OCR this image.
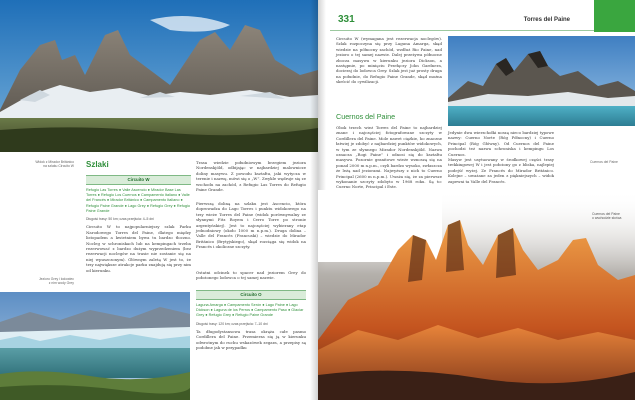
Widok z Mirador Británico
na szlaku Circuito W
Jezioro Grey i lodowiec
z nim wody Grey
Szlaki
Circuito W
Refugio Las Torres ● Valle Ascencio ● Mirador Base Las Torres ● Refugio Los Cuernos ● Campamento Italiano ● Valle del Francés ● Mirador Británico ● Campamento Italiano ● Refugio Paine Grande ● Lago Grey ● Refugio Grey ● Refugio Paine Grande
Długość trasy: 50 km; czas przejścia: 4–5 dni
Circuito W to najpopularniejszy szlak Parku Narodowego Torres del Paine, dlatego między listopadem a kwietniem bywa tu bardzo tłoczno. Nocleg w schroniskach lub na kempingach trzeba rezerwować z bardzo dużym wyprzedzeniem (bez rezerwacji noclegów na trasie nie zostanie się na niej wpuszczonym). Głównym zaletą W jest to, że trzy największe atrakcje parku znajdują się przy nim od kierunku.
Trasa wiedzie południowym brzegiem jeziora Nordenskjöld, odbijając w najbardziej malownicze doliny masywu. Z powodu kształtu, jaki wytycza w terenie i nazwę, mówi się o „W”. Zwykle wędruje się ze wschodu na zachód, z Refugio Las Torres do Refugio Paine Grande.
Pierwszą doliną na szlaku jest Ascencio, która doprowadza do Lago Torres i punktu widokowego na trzy wieże Torres del Paine (widok porównywalny ze słynnymi Fitz Royem i Cerro Torre po stronie argentyńskiej). Jest to najczęściej wybierany etap jednodniowy (około 1000 m n.p.m.). Druga dolina – Valle del Francés (Francuski) – wiedzie do Mirador Británico (Brytyjskiego), skąd rozciąga się widok na Francés i okoliczne szczyty.
Ostatni odcinek to spacer nad jeziorem Grey do położonego lodowca o tej samej nazwie.
Circuito O
Laguna Amarga ● Campamento Serón ● Lago Paine ● Lago Dickson ● Laguna de los Perros ● Campamento Paso ● Glaciar Grey ● Refugio Grey ● Refugio Paine Grande
Długość trasy: 120 km; czas przejścia: 7–10 dni
Ta długodystansowa trasa okrąża całe pasmo Cordillera del Paine. Przemierza się ją w kierunku odwrotnym do ruchu wskazówek zegara, a przepisy są podobne jak w przypadku
331	Torres del Paine
Circuito W (wymagana jest rezerwacja noclegów). Szlak rozpoczyna się przy Laguna Amarga, skąd wiedzie na północny zachód, wzdłuż Rio Paine, nad jezioro o tej samej nazwie. Dalej przeżywa północne zbocza masywu w kierunku jeziora Dickson, a następnie, po minięciu Przełęczy John Gardnera, docieraj do lodowca Grey. Szlak jest już prosty druga na południe, do Refugio Paine Grande, skąd można skrócić do cywilizacji.
Cuernos del Paine
Obok trzech wież Torres del Paine to najbardziej znane i najczęściej fotografowane szczyty w Cordillera del Paine. Mole nawet ciężkie, ho znaczne łatwiej je zdobyć z najbardziej punktów widokowych, w tym ze słynnego Mirador Nordenskjöld. Nazwa oznacza „Rogi Paine” i odnosi się do kształtu masywu. Pozornie granitowe wieże wznoszą się na ponad 2000 m n.p.m., czyli bardzo wysoko, zwłaszcza że leżą nad jeziorami. Najwyższy z nich to Cuerno Principal (2600 m n.p.m.). Uważa się, że za pierwsze wykonanie szczyty zdobyto w 1968 roku. Są to: Cuerno Norte, Principal i Este.
Jedynie dwa wierzchołki noszą nieco bardziej typowe nazwy: Cuerno Norte (Róg Północny) i Cuerno Principal (Róg Główny). Od Cuernos del Paine pochodzi też nazwa schroniska i kempingu Los Cuernos.
Masyw jest usytuowany w środkowej części trasy trekkingowej W i jest położony go z bliska, najlepiej podejść wyżej. Ze Francés do Mirador Británico. Kolejne – uważane za jeden z piękniejszych – widok zapewni ta Valle del Francés.
Cuernos del Paine
Cuernos del Paine
o wschodzie słońca
